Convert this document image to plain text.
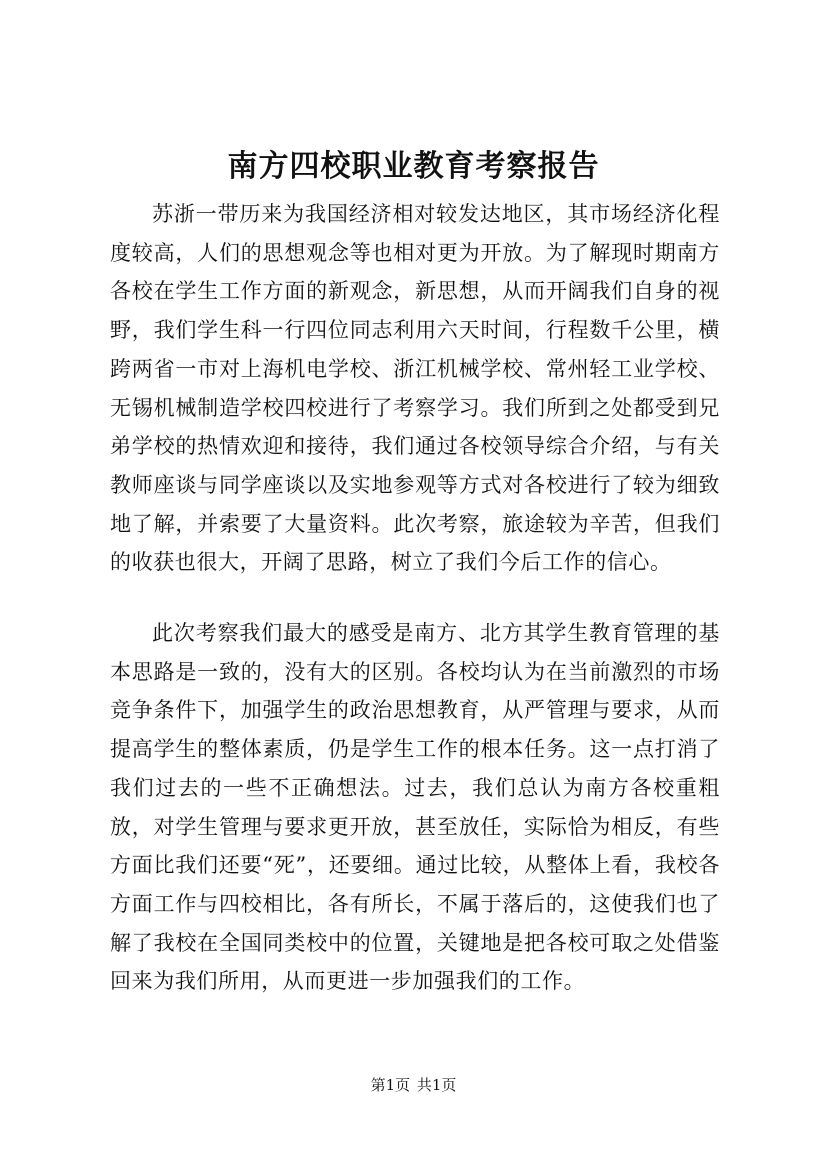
南方四校职业教育考察报告

苏浙一带历来为我国经济相对较发达地区，其市场经济化程度较高，人们的思想观念等也相对更为开放。为了解现时期南方各校在学生工作方面的新观念，新思想，从而开阔我们自身的视野，我们学生科一行四位同志利用六天时间，行程数千公里，横跨两省一市对上海机电学校、浙江机械学校、常州轻工业学校、无锡机械制造学校四校进行了考察学习。我们所到之处都受到兄弟学校的热情欢迎和接待，我们通过各校领导综合介绍，与有关教师座谈与同学座谈以及实地参观等方式对各校进行了较为细致地了解，并索要了大量资料。此次考察，旅途较为辛苦，但我们的收获也很大，开阔了思路，树立了我们今后工作的信心。

此次考察我们最大的感受是南方、北方其学生教育管理的基本思路是一致的，没有大的区别。各校均认为在当前激烈的市场竞争条件下，加强学生的政治思想教育，从严管理与要求，从而提高学生的整体素质，仍是学生工作的根本任务。这一点打消了我们过去的一些不正确想法。过去，我们总认为南方各校重粗放，对学生管理与要求更开放，甚至放任，实际恰为相反，有些方面比我们还要“死”，还要细。通过比较，从整体上看，我校各方面工作与四校相比，各有所长，不属于落后的，这使我们也了解了我校在全国同类校中的位置，关键地是把各校可取之处借鉴回来为我们所用，从而更进一步加强我们的工作。

第1页 共1页
